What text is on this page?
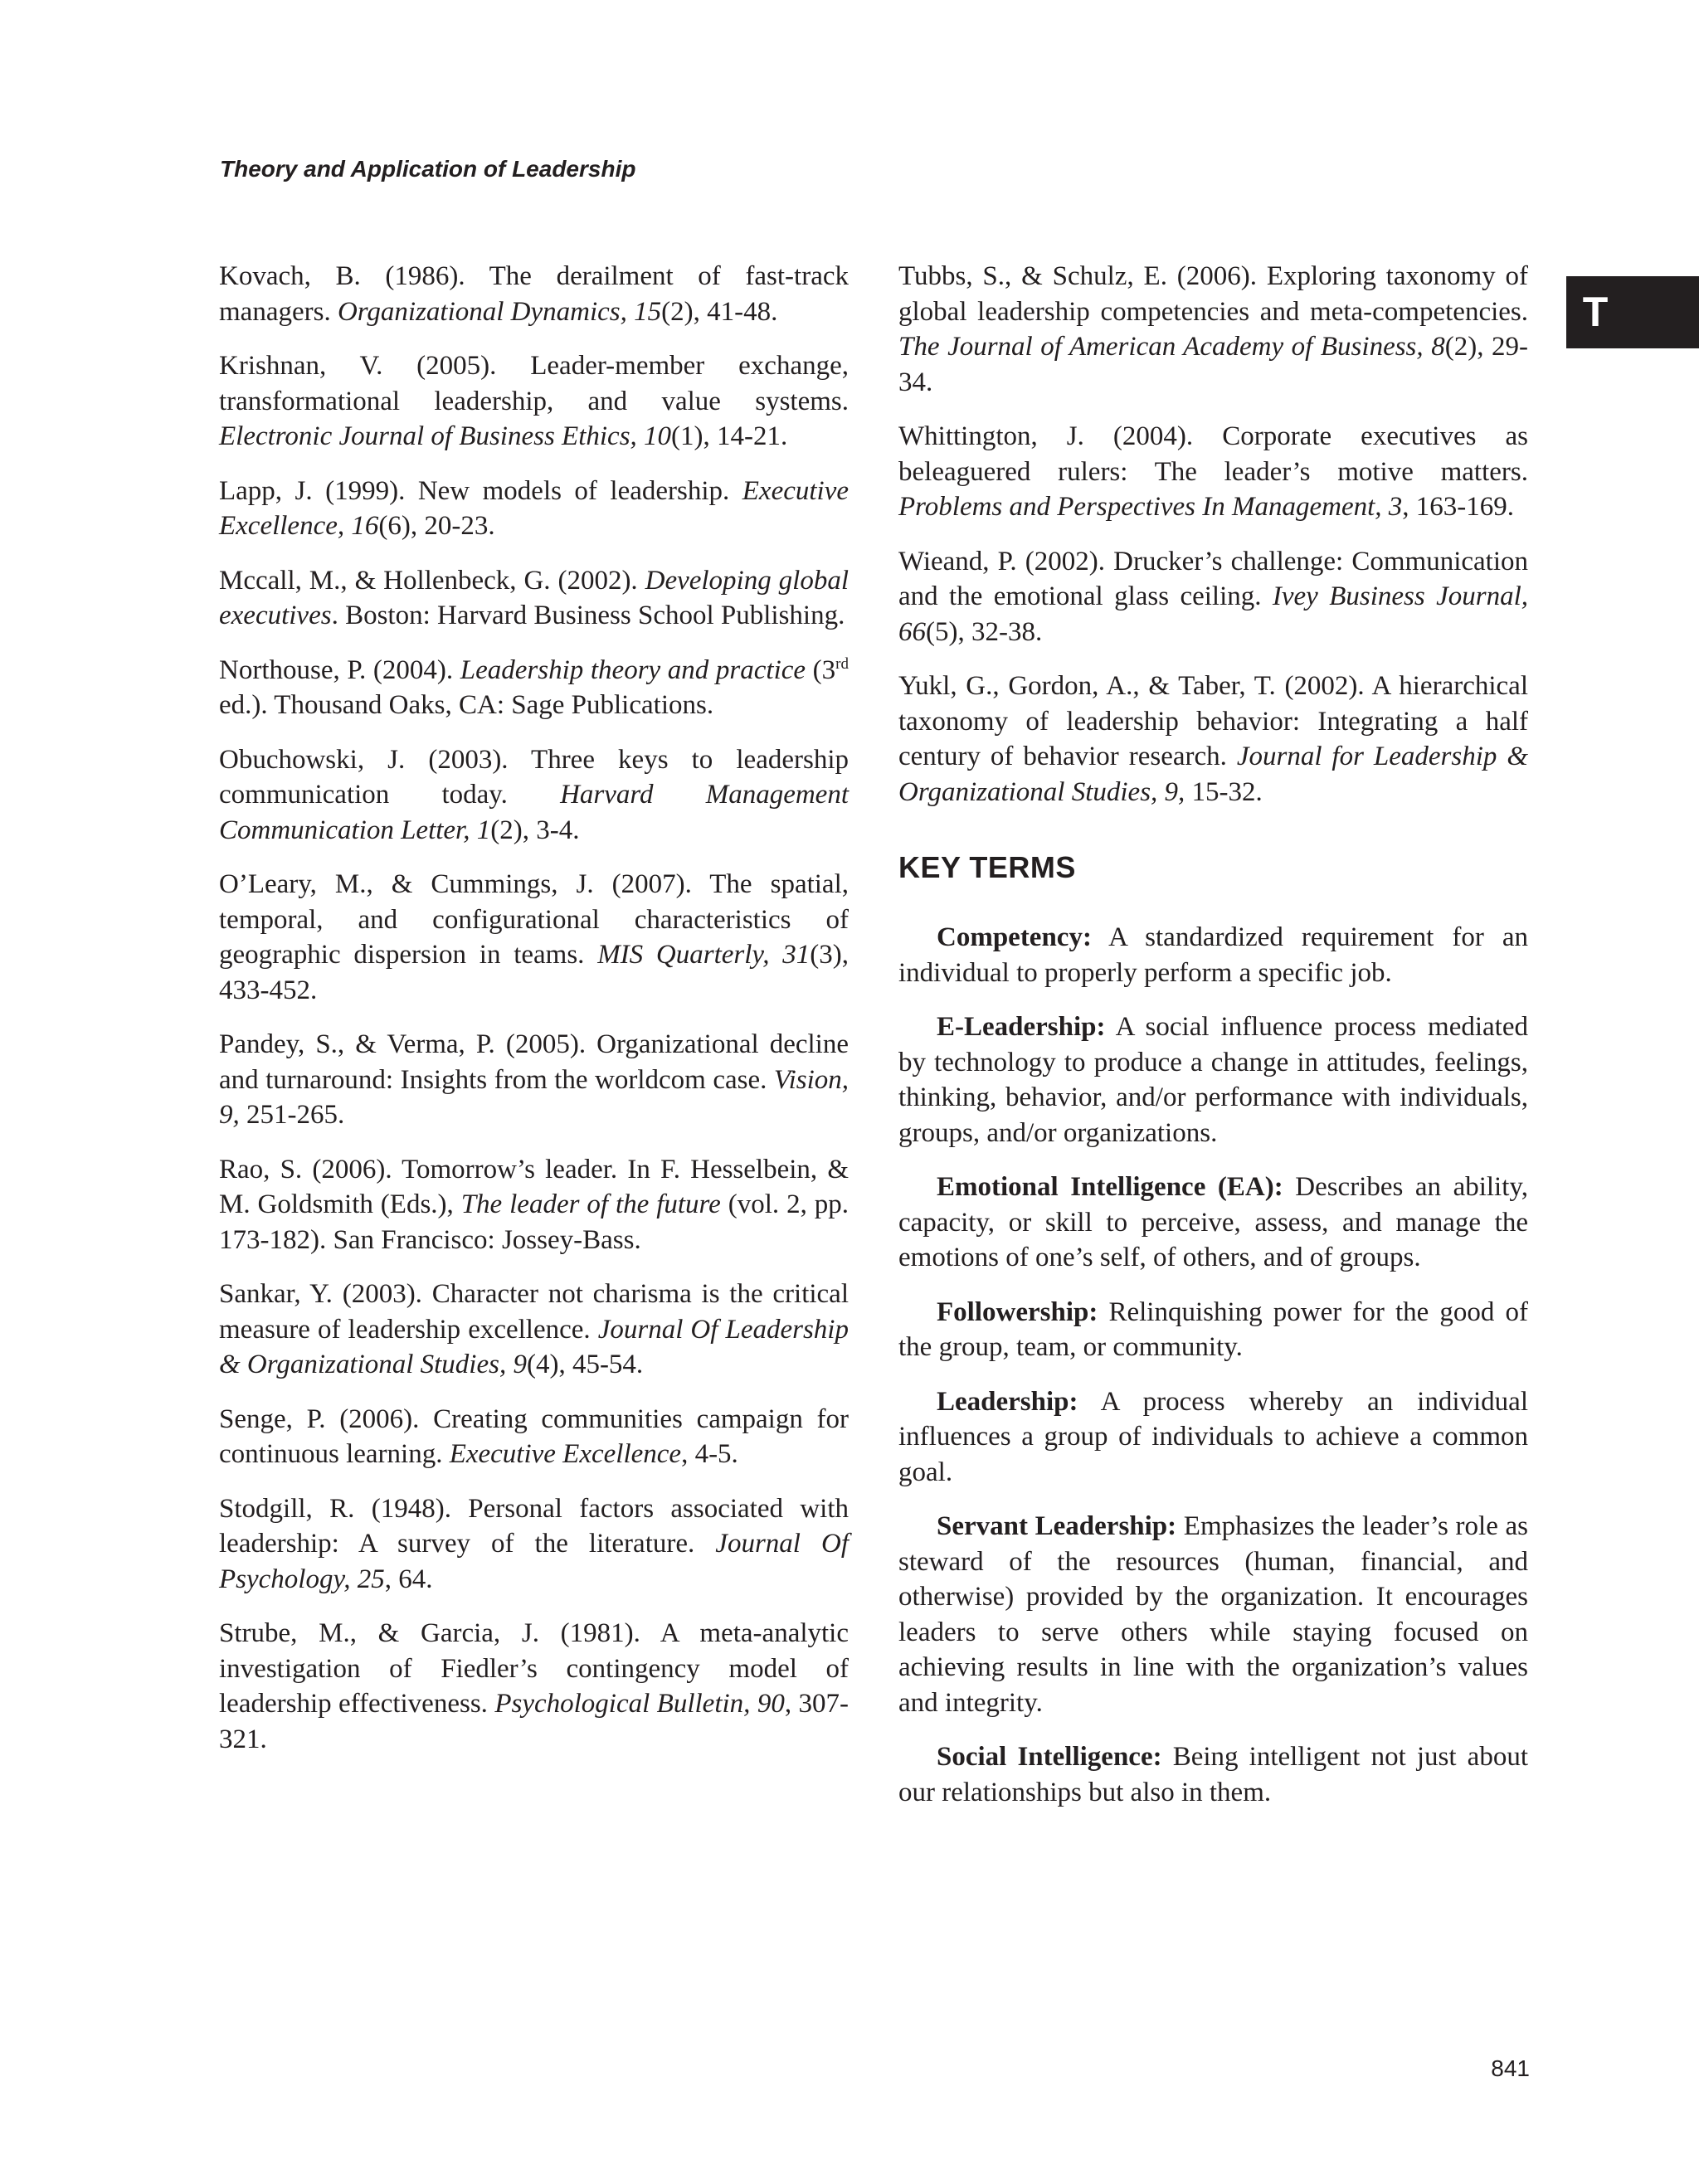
Theory and Application of Leadership
T

Kovach, B. (1986). The derailment of fast-track managers. Organizational Dynamics, 15(2), 41-48.

Krishnan, V. (2005). Leader-member exchange, transformational leadership, and value systems. Electronic Journal of Business Ethics, 10(1), 14-21.

Lapp, J. (1999). New models of leadership. Executive Excellence, 16(6), 20-23.

Mccall, M., & Hollenbeck, G. (2002). Developing global executives. Boston: Harvard Business School Publishing.

Northouse, P. (2004). Leadership theory and practice (3rd ed.). Thousand Oaks, CA: Sage Publications.

Obuchowski, J. (2003). Three keys to leadership communication today. Harvard Management Communication Letter, 1(2), 3-4.

O’Leary, M., & Cummings, J. (2007). The spatial, temporal, and configurational characteristics of geographic dispersion in teams. MIS Quarterly, 31(3), 433-452.

Pandey, S., & Verma, P. (2005). Organizational decline and turnaround: Insights from the worldcom case. Vision, 9, 251-265.

Rao, S. (2006). Tomorrow’s leader. In F. Hesselbein, & M. Goldsmith (Eds.), The leader of the future (vol. 2, pp. 173-182). San Francisco: Jossey-Bass.

Sankar, Y. (2003). Character not charisma is the critical measure of leadership excellence. Journal Of Leadership & Organizational Studies, 9(4), 45-54.

Senge, P. (2006). Creating communities campaign for continuous learning. Executive Excellence, 4-5.

Stodgill, R. (1948). Personal factors associated with leadership: A survey of the literature. Journal Of Psychology, 25, 64.

Strube, M., & Garcia, J. (1981). A meta-analytic investigation of Fiedler’s contingency model of leadership effectiveness. Psychological Bulletin, 90, 307-321.

Tubbs, S., & Schulz, E. (2006). Exploring taxonomy of global leadership competencies and meta-competencies. The Journal of American Academy of Business, 8(2), 29-34.

Whittington, J. (2004). Corporate executives as beleaguered rulers: The leader’s motive matters. Problems and Perspectives In Management, 3, 163-169.

Wieand, P. (2002). Drucker’s challenge: Communication and the emotional glass ceiling. Ivey Business Journal, 66(5), 32-38.

Yukl, G., Gordon, A., & Taber, T. (2002). A hierarchical taxonomy of leadership behavior: Integrating a half century of behavior research. Journal for Leadership & Organizational Studies, 9, 15-32.

KEY TERMS

Competency: A standardized requirement for an individual to properly perform a specific job.

E-Leadership: A social influence process mediated by technology to produce a change in attitudes, feelings, thinking, behavior, and/or performance with individuals, groups, and/or organizations.

Emotional Intelligence (EA): Describes an ability, capacity, or skill to perceive, assess, and manage the emotions of one’s self, of others, and of groups.

Followership: Relinquishing power for the good of the group, team, or community.

Leadership: A process whereby an individual influences a group of individuals to achieve a common goal.

Servant Leadership: Emphasizes the leader’s role as steward of the resources (human, financial, and otherwise) provided by the organization. It encourages leaders to serve others while staying focused on achieving results in line with the organization’s values and integrity.

Social Intelligence: Being intelligent not just about our relationships but also in them.

841
